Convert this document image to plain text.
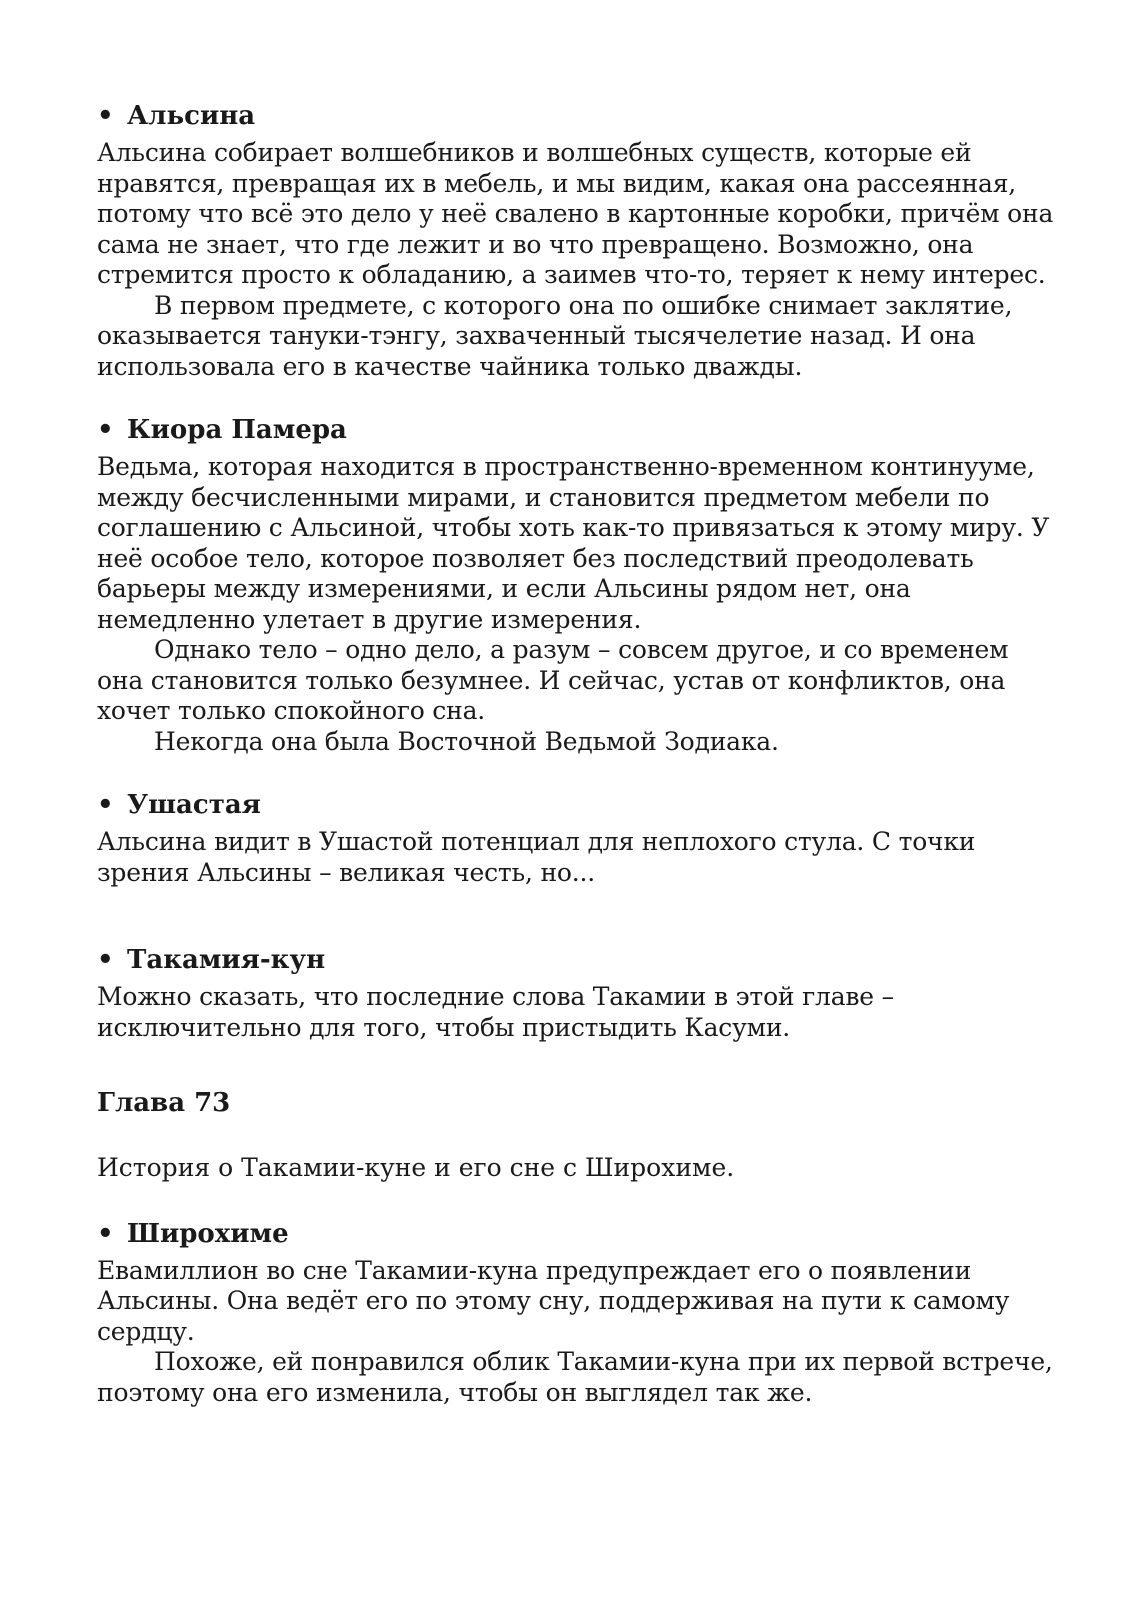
• Альсина

Альсина собирает волшебников и волшебных существ, которые ей нравятся, превращая их в мебель, и мы видим, какая она рассеянная, потому что всё это дело у неё свалено в картонные коробки, причём она сама не знает, что где лежит и во что превращено. Возможно, она стремится просто к обладанию, а заимев что-то, теряет к нему интерес.

В первом предмете, с которого она по ошибке снимает заклятие, оказывается тануки-тэнгу, захваченный тысячелетие назад. И она использовала его в качестве чайника только дважды.

• Киора Памера

Ведьма, которая находится в пространственно-временном континууме, между бесчисленными мирами, и становится предметом мебели по соглашению с Альсиной, чтобы хоть как-то привязаться к этому миру. У неё особое тело, которое позволяет без последствий преодолевать барьеры между измерениями, и если Альсины рядом нет, она немедленно улетает в другие измерения.

Однако тело – одно дело, а разум – совсем другое, и со временем она становится только безумнее. И сейчас, устав от конфликтов, она хочет только спокойного сна.

Некогда она была Восточной Ведьмой Зодиака.

• Ушастая

Альсина видит в Ушастой потенциал для неплохого стула. С точки зрения Альсины – великая честь, но...

• Такамия-кун

Можно сказать, что последние слова Такамии в этой главе – исключительно для того, чтобы пристыдить Касуми.

Глава 73

История о Такамии-куне и его сне с Широхиме.

• Широхиме

Евамиллион во сне Такамии-куна предупреждает его о появлении Альсины. Она ведёт его по этому сну, поддерживая на пути к самому сердцу.

Похоже, ей понравился облик Такамии-куна при их первой встрече, поэтому она его изменила, чтобы он выглядел так же.
